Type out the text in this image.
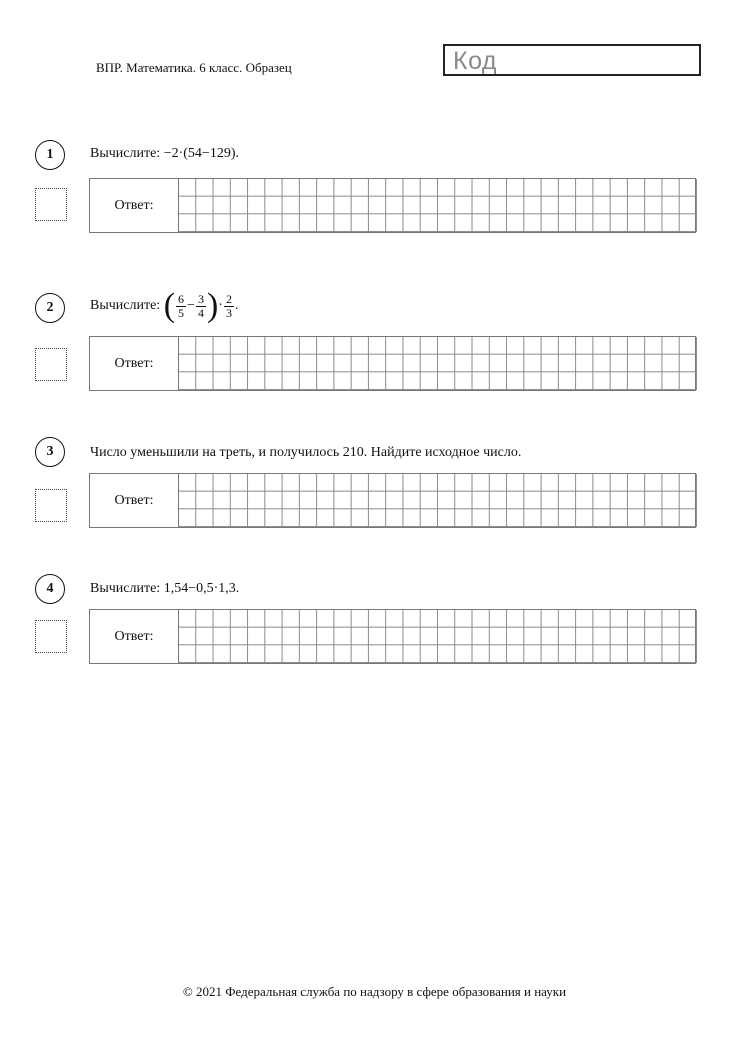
ВПР. Математика. 6 класс. Образец	Код
1	Вычислите: −2·(54−129).
Ответ:
2	Вычислите: ( $\frac{6}{5} - \frac{3}{4}$ )· $\frac{2}{3}$ .
Ответ:
3	Число уменьшили на треть, и получилось 210. Найдите исходное число.
Ответ:
4	Вычислите: 1,54−0,5·1,3.
Ответ:
© 2021 Федеральная служба по надзору в сфере образования и науки
